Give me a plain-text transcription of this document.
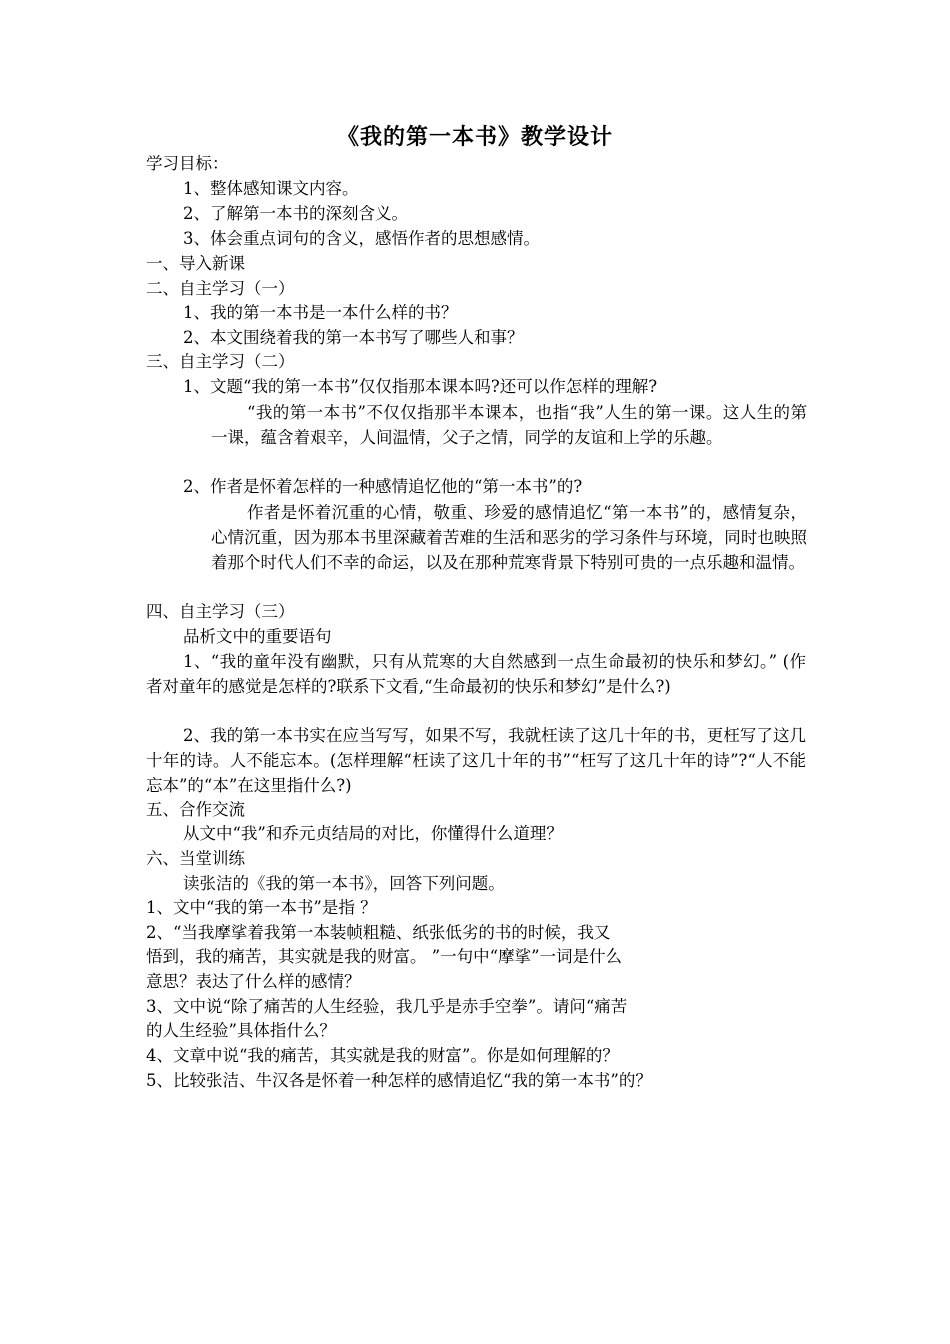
《我的第一本书》教学设计
学习目标：
1、整体感知课文内容。
2、了解第一本书的深刻含义。
3、体会重点词句的含义，感悟作者的思想感情。
一、导入新课
二、自主学习（一）
1、我的第一本书是一本什么样的书？
2、本文围绕着我的第一本书写了哪些人和事？
三、自主学习（二）
1、文题“我的第一本书”仅仅指那本课本吗?还可以作怎样的理解?
“我的第一本书”不仅仅指那半本课本，也指“我”人生的第一课。这人生的第一课，蕴含着艰辛，人间温情，父子之情，同学的友谊和上学的乐趣。
2、作者是怀着怎样的一种感情追忆他的“第一本书”的?
作者是怀着沉重的心情，敬重、珍爱的感情追忆“第一本书”的，感情复杂，心情沉重，因为那本书里深藏着苦难的生活和恶劣的学习条件与环境，同时也映照着那个时代人们不幸的命运，以及在那种荒寒背景下特别可贵的一点乐趣和温情。
四、自主学习（三）
品析文中的重要语句
1、“我的童年没有幽默，只有从荒寒的大自然感到一点生命最初的快乐和梦幻。” (作者对童年的感觉是怎样的?联系下文看,“生命最初的快乐和梦幻”是什么?)
2、我的第一本书实在应当写写，如果不写，我就枉读了这几十年的书，更枉写了这几十年的诗。人不能忘本。(怎样理解“枉读了这几十年的书”“枉写了这几十年的诗”?“人不能忘本”的“本”在这里指什么?)
五、合作交流
从文中“我”和乔元贞结局的对比，你懂得什么道理？
六、当堂训练
读张洁的《我的第一本书》，回答下列问题。
1、文中“我的第一本书”是指 ？
2、“当我摩挲着我第一本装帧粗糙、纸张低劣的书的时候，我又
悟到，我的痛苦，其实就是我的财富。 ”一句中“摩挲”一词是什么
意思？表达了什么样的感情？
3、文中说“除了痛苦的人生经验，我几乎是赤手空拳”。请问“痛苦
的人生经验”具体指什么？
4、文章中说“我的痛苦，其实就是我的财富”。你是如何理解的？
5、比较张洁、牛汉各是怀着一种怎样的感情追忆“我的第一本书”的？
